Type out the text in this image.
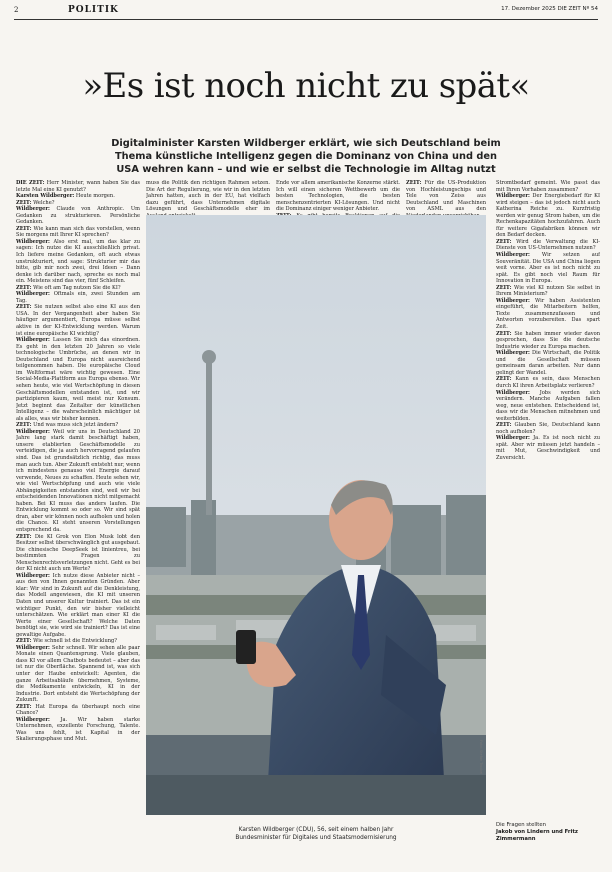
2	POLITIK	17. Dezember 2025 DIE ZEIT Nº 54
»Es ist noch nicht zu spät«
Digitalminister Karsten Wildberger erklärt, wie sich Deutschland beim Thema künstliche Intelligenz gegen die Dominanz von China und den USA wehren kann – und wie er selbst die Technologie im Alltag nutzt

DIE ZEIT: Herr Minister, wann haben Sie das letzte Mal eine KI genutzt?

Karsten Wildberger: Heute morgen.

ZEIT: Welche?

Wildberger: Claude von Anthropic. Um Gedanken zu strukturieren. Persönliche Gedanken.

ZEIT: Wie kann man sich das vorstellen, wenn Sie morgens mit Ihrer KI sprechen?

Wildberger: Also erst mal, um das klar zu sagen: Ich nutze die KI ausschließlich privat. Ich liefere meine Gedanken, oft auch etwas unstrukturiert, und sage: Strukturier mir das bitte, gib mir noch zwei, drei Ideen – Dann denke ich darüber nach, spreche es noch mal ein. Meistens sind das vier, fünf Schleifen.

ZEIT: Wie oft am Tag nutzen Sie die KI?

Wildberger: Oftmals ein, zwei Stunden am Tag.

ZEIT: Sie nutzen selbst also eine KI aus den USA. In der Vergangenheit aber haben Sie häufiger argumentiert, Europa müsse selbst aktive in der KI-Entwicklung werden. Warum ist eine europäische KI wichtig?

Wildberger: Lassen Sie mich das einordnen. Es geht in den letzten 20 Jahren so viele technologische Umbrüche, an denen wir in Deutschland und Europa nicht ausreichend teilgenommen haben. Die europäische Cloud im Weltformat wäre wichtig gewesen. Eine Social-Media-Plattform aus Europa ebenso. Wir sehen heute, wie viel Wertschöpfung in diesen Geschäftsmodellen entstanden ist, und wir partizipieren kaum, weil meist nur Konsum. Jetzt beginnt das Zeitalter der künstlichen Intelligenz – die wahrscheinlich mächtiger ist als alles, was wir bisher kennen.

ZEIT: Und was muss sich jetzt ändern?

Wildberger: Weil wir uns in Deutschland 20 Jahre lang stark damit beschäftigt haben, unsere etablierten Geschäftsmodelle zu verteidigen, die ja auch hervorragend gelaufen sind. Das ist grundsätzlich richtig, das muss man auch tun. Aber Zukunft entsteht nur, wenn ich mindestens genauso viel Energie darauf verwende, Neues zu schaffen. Heute sehen wir, wie viel Wertschöpfung und auch wie viele Abhängigkeiten entstanden sind, weil wir bei entscheidenden Innovationen nicht mitgemacht haben. Bei KI muss das anders laufen. Die Entwicklung kommt so oder so. Wir sind spät dran, aber wir können noch aufholen und holen die Chance. KI steht unseren Vorstellungen entsprechend da.

ZEIT: Die KI Grok von Elon Musk lobt den Besitzer selbst überschwänglich gut ausgebaut. Die chinesische DeepSeek ist linientreu, bei bestimmten Fragen zu Menschenrechtsverletzungen nicht. Geht es bei der KI nicht auch um Werte?

Wildberger: Ich nutze diese Anbieter nicht – aus den von Ihnen genannten Gründen. Aber klar: Wir sind in Zukunft auf die Denkleistung, das Modell angewiesen, die KI mit unseren Daten und unserer Kultur trainiert. Das ist ein wichtiger Punkt, den wir bisher vielleicht unterschätzen. Wie erklärt man einer KI die Werte einer Gesellschaft? Welche Daten benötigt sie, wie wird sie trainiert? Das ist eine gewaltige Aufgabe.

ZEIT: Wie schnell ist die Entwicklung?

Wildberger: Sehr schnell. Wir sehen alle paar Monate einen Quantensprung. Viele glauben, dass KI vor allem Chatbots bedeutet – aber das ist nur die Oberfläche. Spannend ist, was sich unter der Haube entwickelt: Agenten, die ganze Arbeitsabläufe übernehmen, Systeme, die Medikamente entwickeln, KI in der Industrie. Dort entsteht die Wertschöpfung der Zukunft.

ZEIT: Hat Europa da überhaupt noch eine Chance?

Wildberger: Ja. Wir haben starke Unternehmen, exzellente Forschung, Talente. Was uns fehlt, ist Kapital in der Skalierungsphase und Mut.

muss die Politik den richtigen Rahmen setzen. Die Art der Regulierung, wie wir in den letzten Jahren hatten, auch in der EU, hat vielfach dazu geführt, dass Unternehmen digitale Lösungen und Geschäftsmodelle eher im

Ende vor allem amerikanische Konzerne stärkt. Ich will einen sicheren Wettbewerb um die besten Technologien, die besten menschenzentrierten KI-Lösungen. Und nicht die Dominanz einiger weniger Anbieter.

ZEIT: Für die US-Produktion von Hochleistungschips und Tele von Zeiss aus Deutschland und Maschinen von ASML aus den

Stromtbedarf gemeint. Wie passt das mit Ihren Vorhaben zusammen?

Wildberger: Der Energiebedarf für KI wird steigen – das ist jedoch nicht auch Katherina Reiche zu. Kurzfristig werden wir genug Strom haben, um die Rechenkapazitäten hochzufahren. Auch für weitere Gigafabriken können wir den Bedarf decken.

ZEIT: Wird die Verwaltung die KI-Dienste von US-Unternehmen nutzen?

Wildberger: Wir setzen auf Souveränität. Die USA und China liegen weit vorne. Aber es ist noch nicht zu spät. Es gibt noch viel Raum für Innovation in Europa.

ZEIT: Wie viel KI nutzen Sie selbst in Ihrem Ministerium?

Wildberger: Wir haben Assistenten eingeführt, die Mitarbeitern helfen, Texte zusammenzufassen und Antworten vorzubereiten. Das spart Zeit.

ZEIT: Sie haben immer wieder davon gesprochen, dass Sie die deutsche Industrie wieder zu Europa machen.

Wildberger: Die Wirtschaft, die Politik und die Gesellschaft müssen gemeinsam daran arbeiten. Nur dann gelingt der Wandel.

ZEIT: Kann es sein, dass Menschen durch KI ihren Arbeitsplatz verlieren?

Wildberger: Jobs werden sich verändern. Manche Aufgaben fallen weg, neue entstehen. Entscheidend ist, dass wir die Menschen mitnehmen und weiterbilden.

ZEIT: Glauben Sie, Deutschland kann noch aufholen?

Wildberger: Ja. Es ist noch nicht zu spät. Aber wir müssen jetzt handeln – mit Mut, Geschwindigkeit und Zuversicht.

Foto: Stefan Trockel
Karsten Wildberger (CDU), 56, seit einem halben Jahr
Bundesminister für Digitales und Staatsmodernisierung
Die Fragen stellten
Jakob von Lindern und Fritz Zimmermann
